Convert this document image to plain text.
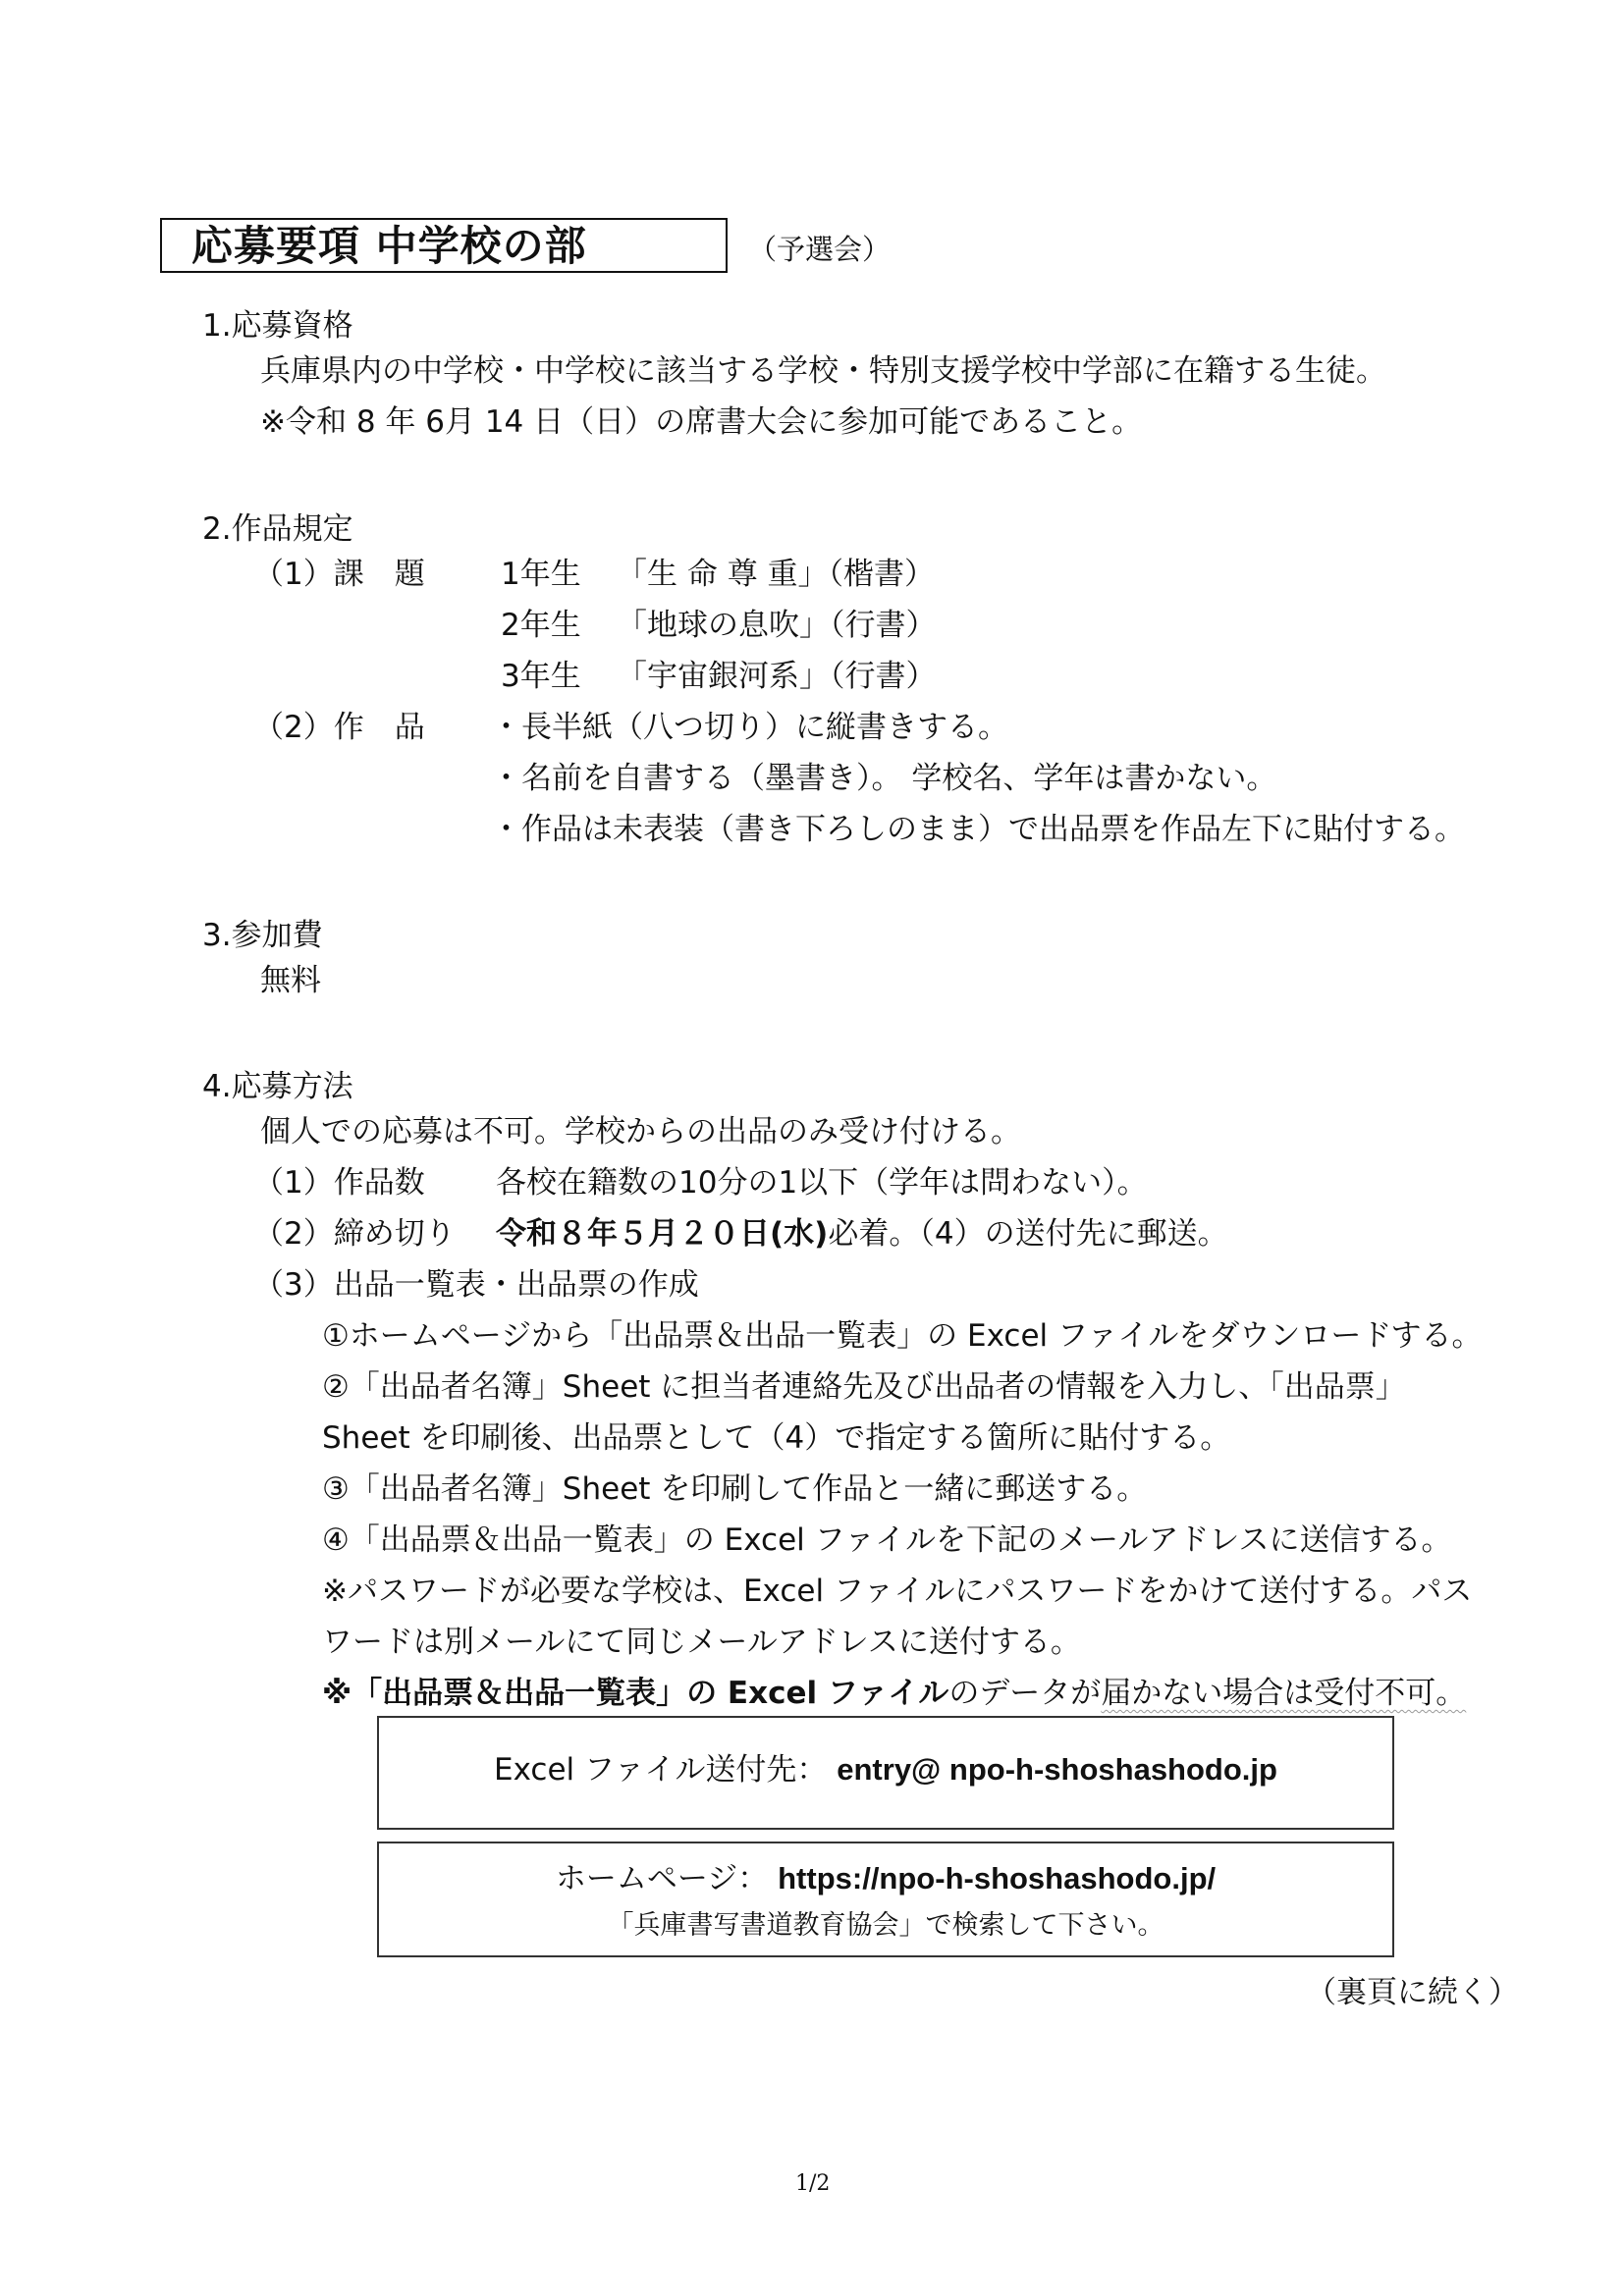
応募要項 中学校の部	（予選会）
1.応募資格
兵庫県内の中学校・中学校に該当する学校・特別支援学校中学部に在籍する生徒。
※令和 8 年 6月 14 日（日）の席書大会に参加可能であること。
2.作品規定
（1）課　題 1年生 「生 命 尊 重」（楷書）
2年生 「地球の息吹」（行書）
3年生 「宇宙銀河系」（行書）
（2）作　品 ・長半紙（八つ切り）に縦書きする。
・名前を自書する（墨書き）。 学校名、学年は書かない。
・作品は未表装（書き下ろしのまま）で出品票を作品左下に貼付する。
3.参加費
無料
4.応募方法
個人での応募は不可。学校からの出品のみ受け付ける。
（1）作品数 各校在籍数の10分の1以下（学年は問わない）。
（2）締め切り 令和８年５月２０日(水)必着。（4）の送付先に郵送。
（3）出品一覧表・出品票の作成
①ホームページから「出品票＆出品一覧表」の Excel ファイルをダウンロードする。
②「出品者名簿」Sheet に担当者連絡先及び出品者の情報を入力し、「出品票」
Sheet を印刷後、出品票として（4）で指定する箇所に貼付する。
③「出品者名簿」Sheet を印刷して作品と一緒に郵送する。
④「出品票＆出品一覧表」の Excel ファイルを下記のメールアドレスに送信する。
※パスワードが必要な学校は、Excel ファイルにパスワードをかけて送付する。パス
ワードは別メールにて同じメールアドレスに送付する。
※「出品票＆出品一覧表」の Excel ファイルのデータが届かない場合は受付不可。
Excel ファイル送付先： entry@ npo-h-shoshashodo.jp
ホームページ： https://npo-h-shoshashodo.jp/
「兵庫書写書道教育協会」で検索して下さい。
（裏頁に続く）
1/2
